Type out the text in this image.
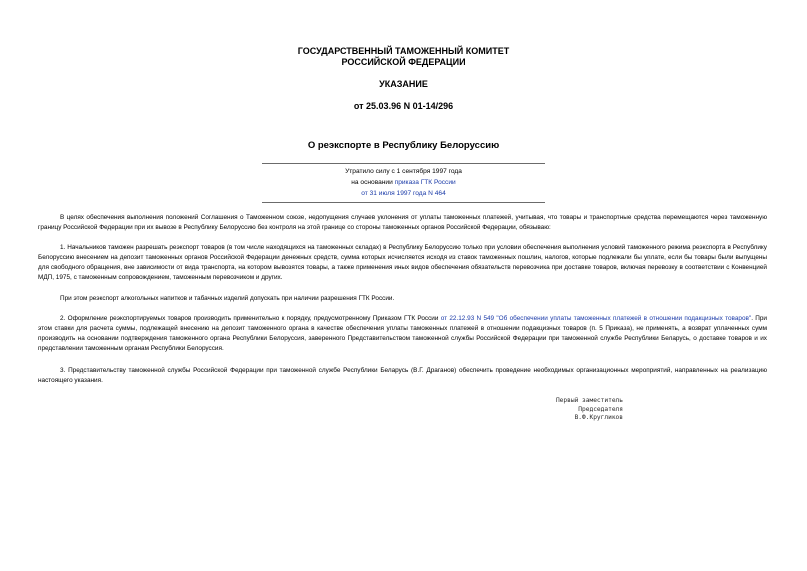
ГОСУДАРСТВЕННЫЙ ТАМОЖЕННЫЙ КОМИТЕТ
РОССИЙСКОЙ ФЕДЕРАЦИИ
УКАЗАНИЕ
от 25.03.96 N 01-14/296
О реэкспорте в Республику Белоруссию
Утратило силу с 1 сентября 1997 года
на основании приказа ГТК России
от 31 июля 1997 года N 464
В целях обеспечения выполнения положений Соглашения о Таможенном союзе, недопущения случаев уклонения от уплаты таможенных платежей, учитывая, что товары и транспортные средства перемещаются через таможенную границу Российской Федерации при их вывозе в Республику Белоруссию без контроля на этой границе со стороны таможенных органов Российской Федерации, обязываю:
1. Начальников таможен разрешать реэкспорт товаров (в том числе находящихся на таможенных складах) в Республику Белоруссию только при условии обеспечения выполнения условий таможенного режима реэкспорта в Республику Белоруссию внесением на депозит таможенных органов Российской Федерации денежных средств, сумма которых исчисляется исходя из ставок таможенных пошлин, налогов, которые подлежали бы уплате, если бы товары были выпущены для свободного обращения, вне зависимости от вида транспорта, на котором вывозятся товары, а также применения иных видов обеспечения обязательств перевозчика при доставке товаров, включая перевозку в соответствии с Конвенцией МДП, 1975, с таможенным сопровождением, таможенным перевозчиком и других.
При этом реэкспорт алкогольных напитков и табачных изделий допускать при наличии разрешения ГТК России.
2. Оформление реэкспортируемых товаров производить применительно к порядку, предусмотренному Приказом ГТК России от 22.12.93 N 549 "Об обеспечении уплаты таможенных платежей в отношении подакцизных товаров". При этом ставки для расчета суммы, подлежащей внесению на депозит таможенного органа в качестве обеспечения уплаты таможенных платежей в отношении подакцизных товаров (п. 5 Приказа), не применять, а возврат уплаченных сумм производить на основании подтверждения таможенного органа Республики Белоруссия, заверенного Представительством таможенной службы Российской Федерации при таможенной службе Республики Беларусь, о доставке товаров и их представлении таможенным органам Республики Белоруссия.
3. Представительству таможенной службы Российской Федерации при таможенной службе Республики Беларусь (В.Г. Драганов) обеспечить проведение необходимых организационных мероприятий, направленных на реализацию настоящего указания.
Первый заместитель
Председателя
В.Ф.Кругликов
